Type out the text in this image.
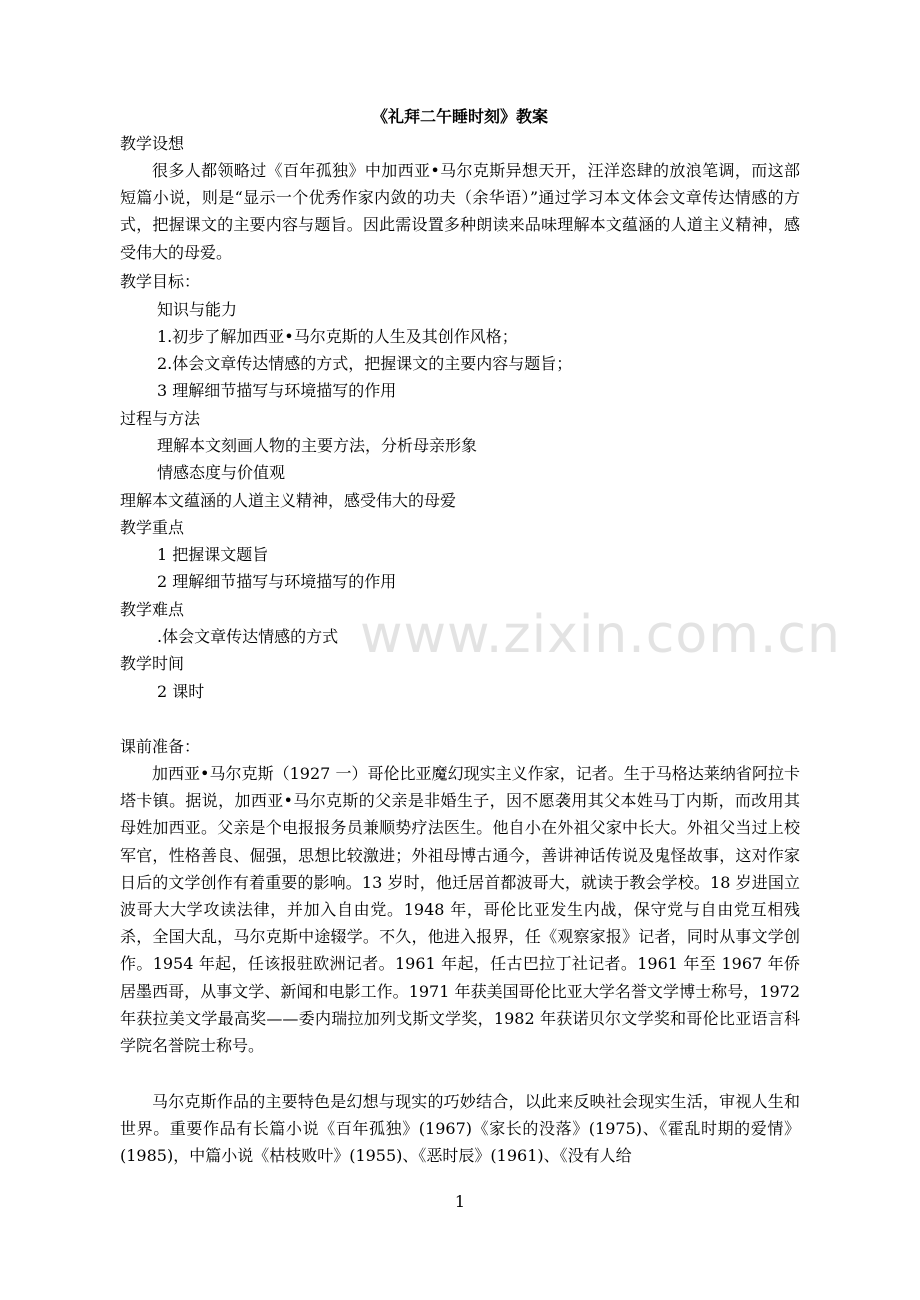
《礼拜二午睡时刻》教案
教学设想
很多人都领略过《百年孤独》中加西亚•马尔克斯异想天开，汪洋恣肆的放浪笔调，而这部短篇小说，则是“显示一个优秀作家内敛的功夫（余华语）”通过学习本文体会文章传达情感的方式，把握课文的主要内容与题旨。因此需设置多种朗读来品味理解本文蕴涵的人道主义精神，感受伟大的母爱。
教学目标：
知识与能力
1.初步了解加西亚•马尔克斯的人生及其创作风格；
2.体会文章传达情感的方式，把握课文的主要内容与题旨；
3 理解细节描写与环境描写的作用
过程与方法
理解本文刻画人物的主要方法，分析母亲形象
情感态度与价值观
理解本文蕴涵的人道主义精神，感受伟大的母爱
教学重点
1 把握课文题旨
2 理解细节描写与环境描写的作用
教学难点
.体会文章传达情感的方式
教学时间
2 课时
课前准备：
加西亚•马尔克斯（1927 一）哥伦比亚魔幻现实主义作家，记者。生于马格达莱纳省阿拉卡塔卡镇。据说，加西亚•马尔克斯的父亲是非婚生子，因不愿袭用其父本姓马丁内斯，而改用其母姓加西亚。父亲是个电报报务员兼顺势疗法医生。他自小在外祖父家中长大。外祖父当过上校军官，性格善良、倔强，思想比较激进；外祖母博古通今，善讲神话传说及鬼怪故事，这对作家日后的文学创作有着重要的影响。13 岁时，他迁居首都波哥大，就读于教会学校。18 岁进国立波哥大大学攻读法律，并加入自由党。1948 年，哥伦比亚发生内战，保守党与自由党互相残杀，全国大乱，马尔克斯中途辍学。不久，他进入报界，任《观察家报》记者，同时从事文学创作。1954 年起，任该报驻欧洲记者。1961 年起，任古巴拉丁社记者。1961 年至 1967 年侨居墨西哥，从事文学、新闻和电影工作。1971 年获美国哥伦比亚大学名誉文学博士称号，1972 年获拉美文学最高奖——委内瑞拉加列戈斯文学奖，1982 年获诺贝尔文学奖和哥伦比亚语言科学院名誉院士称号。
马尔克斯作品的主要特色是幻想与现实的巧妙结合，以此来反映社会现实生活，审视人生和世界。重要作品有长篇小说《百年孤独》(1967)《家长的没落》(1975)、《霍乱时期的爱情》(1985)，中篇小说《枯枝败叶》(1955)、《恶时辰》(1961)、《没有人给
www.zixin.com.cn
1
